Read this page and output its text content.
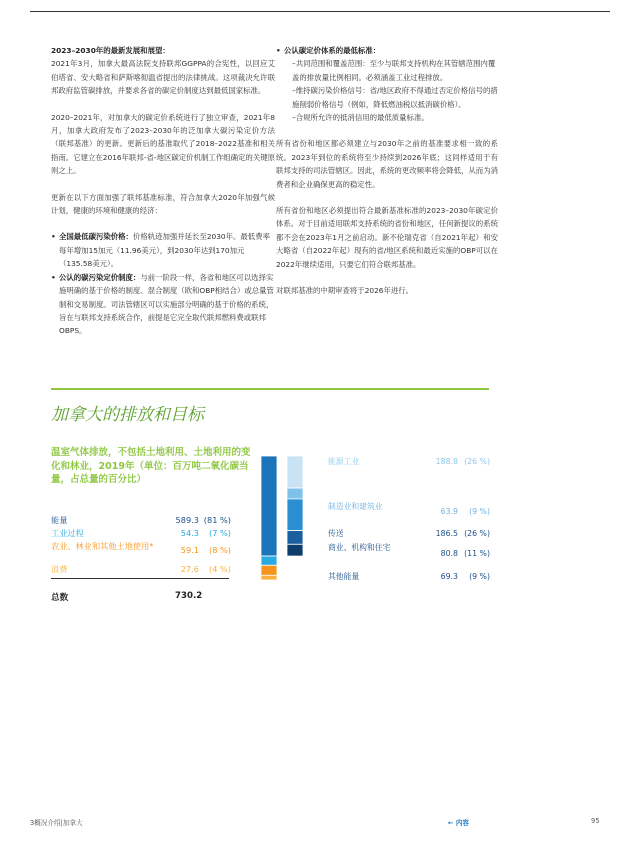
2023–2030年的最新发展和展望：
2021年3月，加拿大最高法院支持联邦GGPPA的合宪性，以回应艾伯塔省、安大略省和萨斯喀彻温省提出的法律挑战。这项裁决允许联邦政府监管碳排放，并要求各省的碳定价制度达到最低国家标准。

2020–2021年，对加拿大的碳定价系统进行了独立审查，2021年8月，加拿大政府发布了2023–2030年的泛加拿大碳污染定价方法（联邦基准）的更新。更新后的基准取代了2018–2022基准和相关指南。它建立在2016年联邦-省-地区碳定价机制工作组确定的关键原则之上。

更新在以下方面加强了联邦基准标准，符合加拿大2020年加强气候计划，健康的环境和健康的经济：

• 全国最低碳污染价格：价格轨迹加强并延长至2030年。最低费率每年增加15加元（11.96美元），到2030年达到170加元（135.58美元）。
• 公认的碳污染定价制度：与前一阶段一样，各省和地区可以选择实施明确的基于价格的制度、混合制度（欧和OBP相结合）或总量管制和交易制度。司法管辖区可以实施部分明确的基于价格的系统，旨在与联邦支持系统合作，前提是它完全取代联邦燃料费或联邦OBPS。
• 公认碳定价体系的最低标准：
–共同范围和覆盖范围：至少与联邦支持机构在其管辖范围内覆盖的排放量比例相同。必须涵盖工业过程排放。
–维持碳污染价格信号：省/地区政府不得通过否定价格信号的措施削弱价格信号（例如，降低燃油税以抵消碳价格）。
–合规所允许的抵消信用的最低质量标准。

所有省份和地区都必须建立与2030年之前的基准要求相一致的系统。2023年到位的系统将至少持续到2026年底；这同样适用于有联邦支持的司法管辖区。因此，系统的更改频率将会降低，从而为消费者和企业确保更高的稳定性。

所有省份和地区必须提出符合最新基准标准的2023–2030年碳定价体系。对于目前适用联邦支持系统的省份和地区，任何新提议的系统都不会在2023年1月之前启动。新不伦瑞克省（自2021年起）和安大略省（自2022年起）现有的省/地区系统和最近实施的OBP可以在2022年继续适用，只要它们符合联邦基准。

对联邦基准的中期审查将于2026年进行。

加拿大的排放和目标
温室气体排放，不包括土地利用、土地利用的变化和林业，2019年（单位：百万吨二氧化碳当量，占总量的百分比）
能量	589.3 (81 %)
工业过程	54.3 (7 %)
农业、林业和其他土地使用*	59.1 (8 %)
浪费	27.6 (4 %)
总数	730.2
能源工业	188.8 (26 %)
制造业和建筑业
63.9 (9 %)
传送	186.5 (26 %)
商业、机构和住宅
80.8 (11 %)
其他能量	69.3 (9 %)
3概况介绍|加拿大	← 内容	95
